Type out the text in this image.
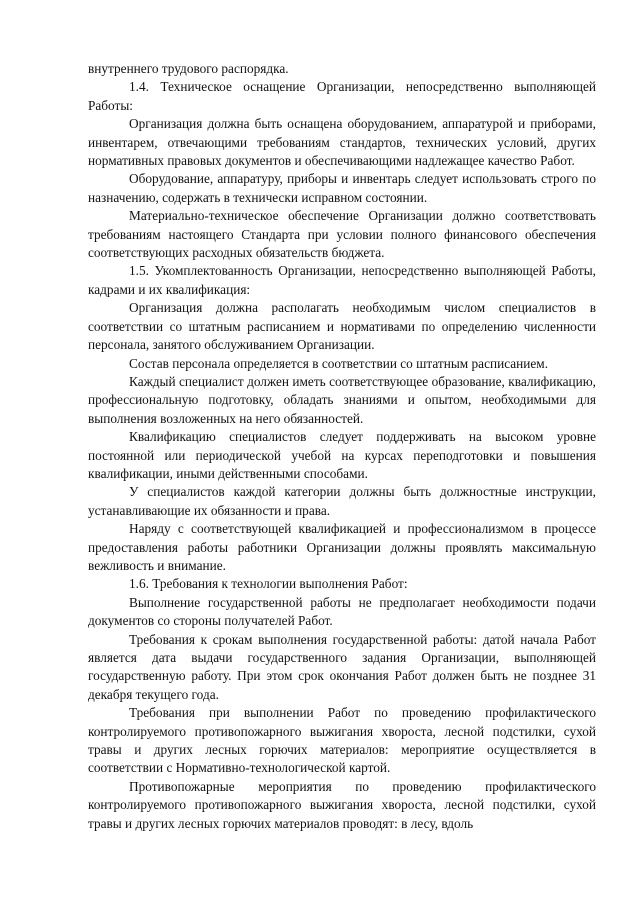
внутреннего трудового распорядка.

1.4. Техническое оснащение Организации, непосредственно выполняющей Работы:

Организация должна быть оснащена оборудованием, аппаратурой и приборами, инвентарем, отвечающими требованиям стандартов, технических условий, других нормативных правовых документов и обеспечивающими надлежащее качество Работ.

Оборудование, аппаратуру, приборы и инвентарь следует использовать строго по назначению, содержать в технически исправном состоянии.

Материально-техническое обеспечение Организации должно соответствовать требованиям настоящего Стандарта при условии полного финансового обеспечения соответствующих расходных обязательств бюджета.

1.5. Укомплектованность Организации, непосредственно выполняющей Работы, кадрами и их квалификация:

Организация должна располагать необходимым числом специалистов в соответствии со штатным расписанием и нормативами по определению численности персонала, занятого обслуживанием Организации.

Состав персонала определяется в соответствии со штатным расписанием.

Каждый специалист должен иметь соответствующее образование, квалификацию, профессиональную подготовку, обладать знаниями и опытом, необходимыми для выполнения возложенных на него обязанностей.

Квалификацию специалистов следует поддерживать на высоком уровне постоянной или периодической учебой на курсах переподготовки и повышения квалификации, иными действенными способами.

У специалистов каждой категории должны быть должностные инструкции, устанавливающие их обязанности и права.

Наряду с соответствующей квалификацией и профессионализмом в процессе предоставления работы работники Организации должны проявлять максимальную вежливость и внимание.

1.6. Требования к технологии выполнения Работ:

Выполнение государственной работы не предполагает необходимости подачи документов со стороны получателей Работ.

Требования к срокам выполнения государственной работы: датой начала Работ является дата выдачи государственного задания Организации, выполняющей государственную работу. При этом срок окончания Работ должен быть не позднее 31 декабря текущего года.

Требования при выполнении Работ по проведению профилактического контролируемого противопожарного выжигания хвороста, лесной подстилки, сухой травы и других лесных горючих материалов: мероприятие осуществляется в соответствии с Нормативно-технологической картой.

Противопожарные мероприятия по проведению профилактического контролируемого противопожарного выжигания хвороста, лесной подстилки, сухой травы и других лесных горючих материалов проводят: в лесу, вдоль
